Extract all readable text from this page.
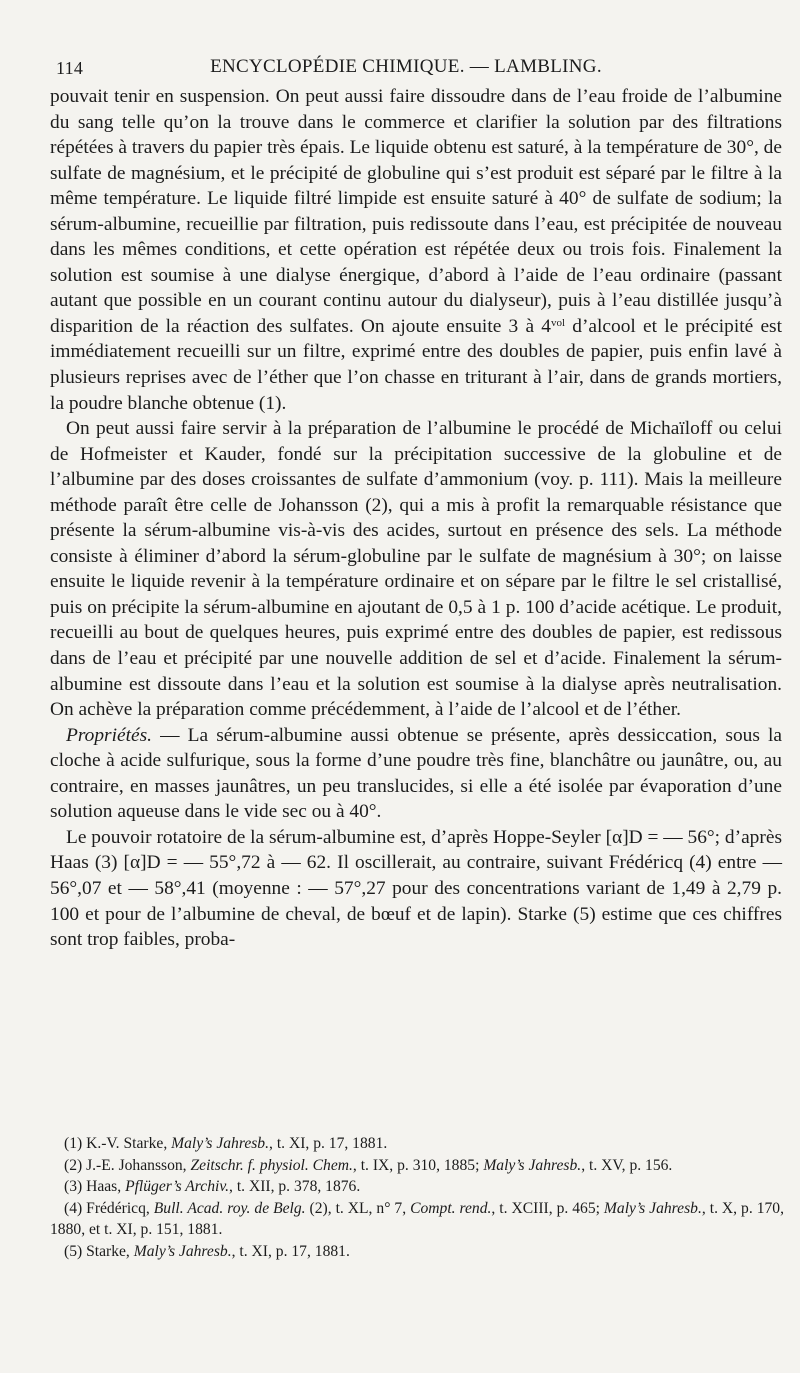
114	ENCYCLOPÉDIE CHIMIQUE. — LAMBLING.

pouvait tenir en suspension. On peut aussi faire dissoudre dans de l’eau froide de l’albumine du sang telle qu’on la trouve dans le commerce et clarifier la solution par des filtrations répétées à travers du papier très épais. Le liquide obtenu est saturé, à la température de 30°, de sulfate de magnésium, et le précipité de globuline qui s’est produit est séparé par le filtre à la même température. Le liquide filtré limpide est ensuite saturé à 40° de sulfate de sodium; la sérum-albumine, recueillie par filtration, puis redissoute dans l’eau, est précipitée de nouveau dans les mêmes conditions, et cette opération est répétée deux ou trois fois. Finalement la solution est soumise à une dialyse énergique, d’abord à l’aide de l’eau ordinaire (passant autant que possible en un courant continu autour du dialyseur), puis à l’eau distillée jusqu’à disparition de la réaction des sulfates. On ajoute ensuite 3 à $4^{vol}$ d’alcool et le précipité est immédiatement recueilli sur un filtre, exprimé entre des doubles de papier, puis enfin lavé à plusieurs reprises avec de l’éther que l’on chasse en triturant à l’air, dans de grands mortiers, la poudre blanche obtenue (1).

On peut aussi faire servir à la préparation de l’albumine le procédé de Michaïloff ou celui de Hofmeister et Kauder, fondé sur la précipitation successive de la globuline et de l’albumine par des doses croissantes de sulfate d’ammonium (voy. p. 111). Mais la meilleure méthode paraît être celle de Johansson (2), qui a mis à profit la remarquable résistance que présente la sérum-albumine vis-à-vis des acides, surtout en présence des sels. La méthode consiste à éliminer d’abord la sérum-globuline par le sulfate de magnésium à 30°; on laisse ensuite le liquide revenir à la température ordinaire et on sépare par le filtre le sel cristallisé, puis on précipite la sérum-albumine en ajoutant de 0,5 à 1 p. 100 d’acide acétique. Le produit, recueilli au bout de quelques heures, puis exprimé entre des doubles de papier, est redissous dans de l’eau et précipité par une nouvelle addition de sel et d’acide. Finalement la sérum-albumine est dissoute dans l’eau et la solution est soumise à la dialyse après neutralisation. On achève la préparation comme précédemment, à l’aide de l’alcool et de l’éther.

Propriétés. — La sérum-albumine aussi obtenue se présente, après dessiccation, sous la cloche à acide sulfurique, sous la forme d’une poudre très fine, blanchâtre ou jaunâtre, ou, au contraire, en masses jaunâtres, un peu translucides, si elle a été isolée par évaporation d’une solution aqueuse dans le vide sec ou à 40°.

Le pouvoir rotatoire de la sérum-albumine est, d’après Hoppe-Seyler [α]D = — 56°; d’après Haas (3) [α]D = — 55°,72 à — 62. Il oscillerait, au contraire, suivant Frédéricq (4) entre — 56°,07 et — 58°,41 (moyenne : — 57°,27 pour des concentrations variant de 1,49 à 2,79 p. 100 et pour de l’albumine de cheval, de bœuf et de lapin). Starke (5) estime que ces chiffres sont trop faibles, proba-

(1) K.-V. Starke, Maly’s Jahresb., t. XI, p. 17, 1881.

(2) J.-E. Johansson, Zeitschr. f. physiol. Chem., t. IX, p. 310, 1885; Maly’s Jahresb., t. XV, p. 156.

(3) Haas, Pflüger’s Archiv., t. XII, p. 378, 1876.

(4) Frédéricq, Bull. Acad. roy. de Belg. (2), t. XL, n° 7, Compt. rend., t. XCIII, p. 465; Maly’s Jahresb., t. X, p. 170, 1880, et t. XI, p. 151, 1881.

(5) Starke, Maly’s Jahresb., t. XI, p. 17, 1881.
